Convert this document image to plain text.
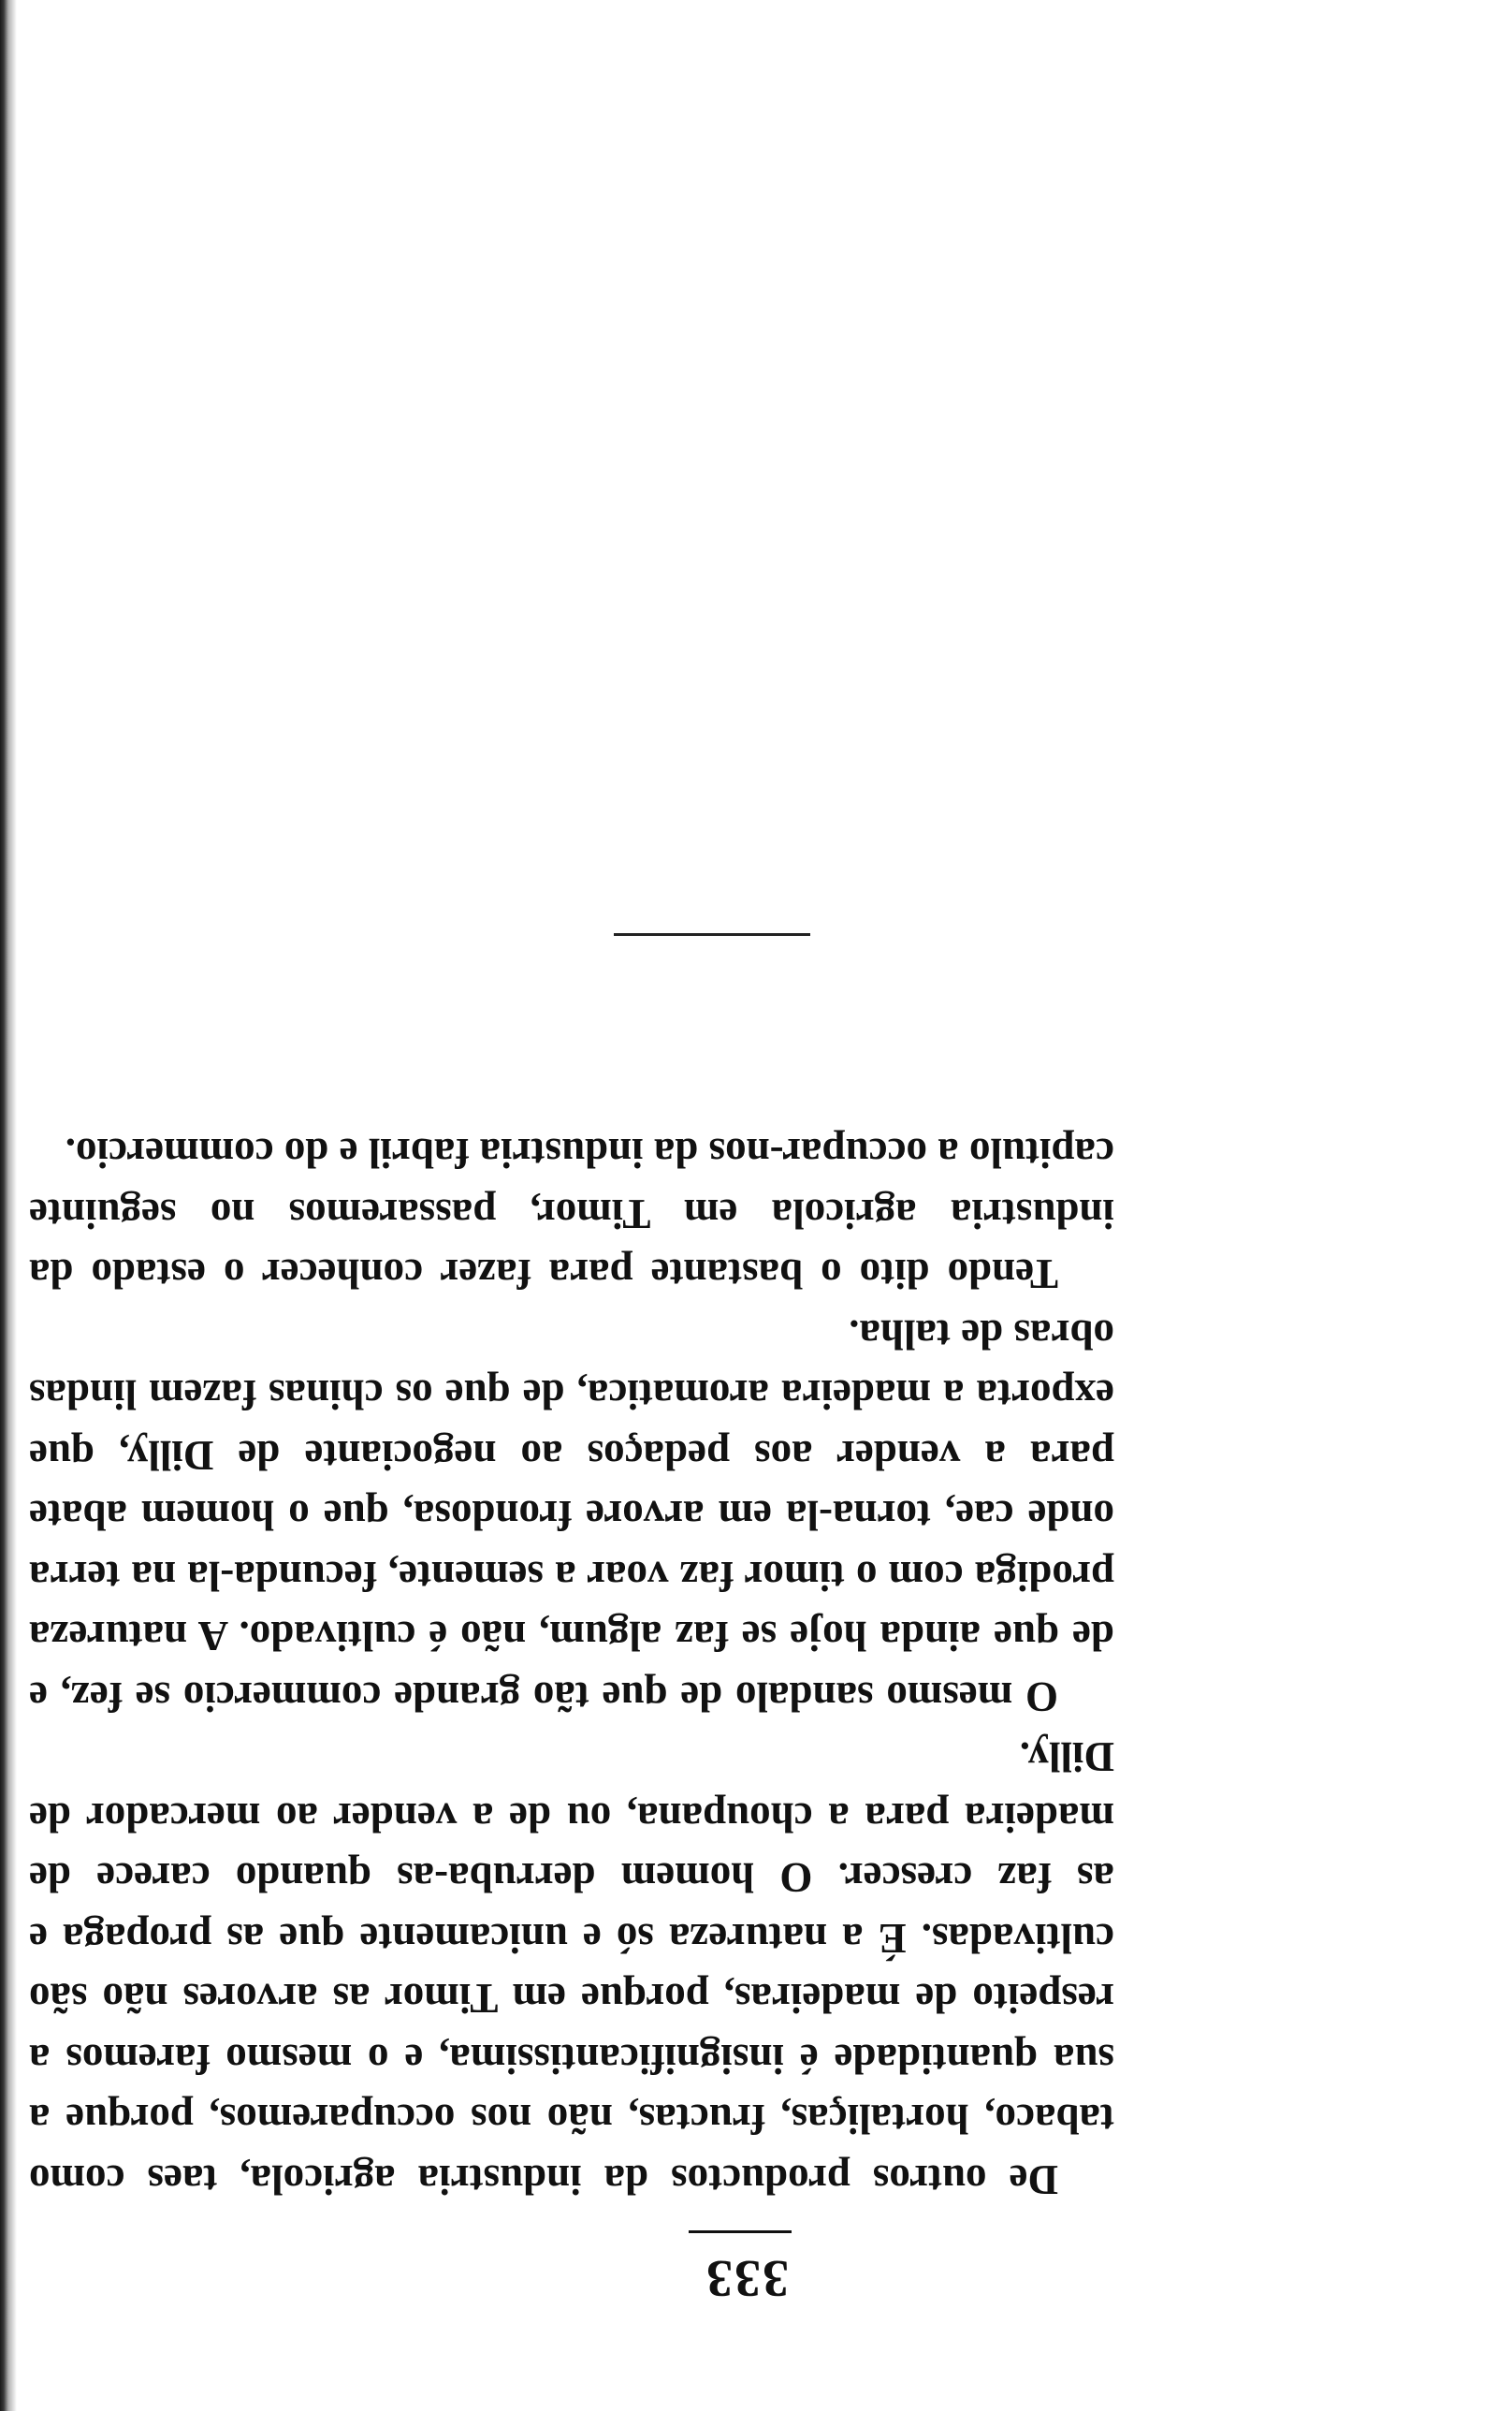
333

De outros productos da industria agricola, taes como tabaco, hortaliças, fructas, não nos occuparemos, porque a sua quantidade é insignificantissima, e o mesmo faremos a respeito de madeiras, porque em Timor as arvores não são cultivadas. É a natureza só e unicamente que as propaga e as faz crescer. O homem derruba-as quando carece de madeira para a choupana, ou de a vender ao mercador de Dilly.

O mesmo sandalo de que tão grande commercio se fez, e de que ainda hoje se faz algum, não é cultivado. A natureza prodiga com o timor faz voar a semente, fecunda-la na terra onde cae, torna-la em arvore frondosa, que o homem abate para a vender aos pedaços ao negociante de Dilly, que exporta a madeira aromatica, de que os chinas fazem lindas obras de talha.

Tendo dito o bastante para fazer conhecer o estado da industria agricola em Timor, passaremos no seguinte capitulo a occupar-nos da industria fabril e do commercio.
